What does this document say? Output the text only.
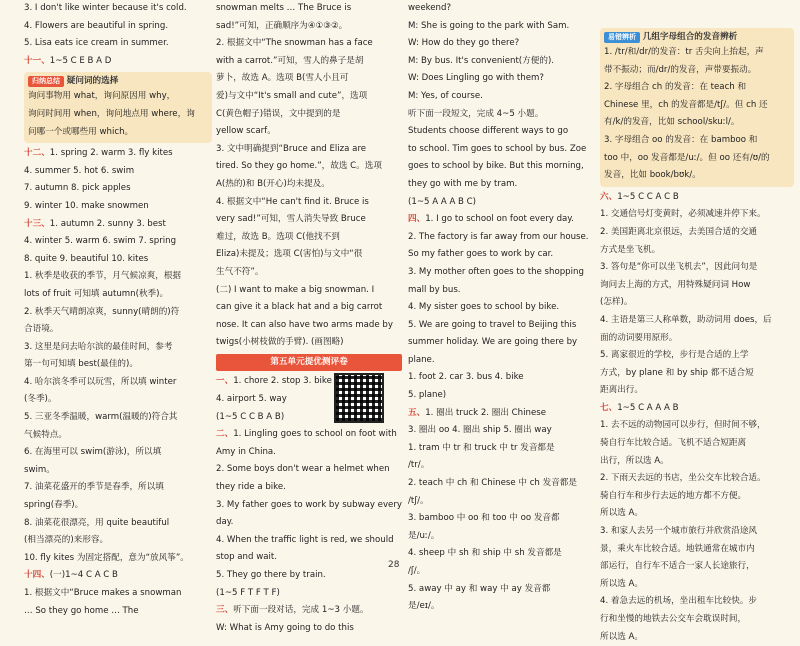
3. I don't like winter because it's cold.

4. Flowers are beautiful in spring.

5. Lisa eats ice cream in summer.

十一、1~5 C E B A D

归纳总结 疑问词的选择

询问事物用 what，询问原因用 why，

询问时间用 when，询问地点用 where，询

问哪一个或哪些用 which。

十二、1. spring 2. warm 3. fly kites

4. summer 5. hot 6. swim

7. autumn 8. pick apples

9. winter 10. make snowmen

十三、1. autumn 2. sunny 3. best

4. winter 5. warm 6. swim 7. spring

8. quite 9. beautiful 10. kites

1. 秋季是收获的季节，月气候凉爽，根据

lots of fruit 可知填 autumn(秋季)。

2. 秋季天气晴朗凉爽，sunny(晴朗的)符

合语境。

3. 这里是问去哈尔滨的最佳时间，参考

第一句可知填 best(最佳的)。

4. 哈尔滨冬季可以玩雪，所以填 winter

(冬季)。

5. 三亚冬季温暖，warm(温暖的)符合其

气候特点。

6. 在海里可以 swim(游泳)，所以填

swim。

7. 油菜花盛开的季节是春季，所以填

spring(春季)。

8. 油菜花很漂亮，用 quite beautiful

(相当漂亮的)来形容。

10. fly kites 为固定搭配，意为“放风筝”。

十四、(一)1~4 C A C B

1. 根据文中“Bruce makes a snowman

… So they go home … The

snowman melts … The Bruce is

sad!”可知，正确顺序为④①③②。

2. 根据文中“The snowman has a face

with a carrot.”可知，雪人的鼻子是胡

萝卜，故选 A。选项 B(雪人小且可

爱)与文中“It's small and cute”，选项

C(黄色帽子)错误，文中提到的是

yellow scarf。

3. 文中明确提到“Bruce and Eliza are

tired. So they go home.”，故选 C。选项

A(热的)和 B(开心)均未提及。

4. 根据文中“He can't find it. Bruce is

very sad!”可知，雪人消失导致 Bruce

难过，故选 B。选项 C(他找不到

Eliza)未提及；选项 C(害怕)与文中“很

生气不符”。

(二) I want to make a big snowman. I

can give it a black hat and a big carrot

nose. It can also have two arms made by

twigs(小树枝做的手臂). (画图略)

第五单元提优测评卷

一、1. chore 2. stop 3. bike

4. airport 5. way

(1~5 C C B A B)

二、1. Lingling goes to school on foot with

Amy in China.

2. Some boys don't wear a helmet when

they ride a bike.

3. My father goes to work by subway every

day.

4. When the traffic light is red, we should

stop and wait.

5. They go there by train.

(1~5 F T F T F)

三、听下面一段对话，完成 1~3 小题。

W: What is Amy going to do this

weekend?

M: She is going to the park with Sam.

W: How do they go there?

M: By bus. It's convenient(方便的).

W: Does Lingling go with them?

M: Yes, of course.

听下面一段短文，完成 4~5 小题。

Students choose different ways to go

to school. Tim goes to school by bus. Zoe

goes to school by bike. But this morning,

they go with me by tram.

(1~5 A A A B C)

四、1. I go to school on foot every day.

2. The factory is far away from our house.

So my father goes to work by car.

3. My mother often goes to the shopping

mall by bus.

4. My sister goes to school by bike.

5. We are going to travel to Beijing this

summer holiday. We are going there by

plane.

1. foot 2. car 3. bus 4. bike

5. plane)

五、1. 圈出 truck 2. 圈出 Chinese

3. 圈出 oo 4. 圈出 ship 5. 圈出 way

1. tram 中 tr 和 truck 中 tr 发音都是

/tr/。

2. teach 中 ch 和 Chinese 中 ch 发音都是

/tʃ/。

3. bamboo 中 oo 和 too 中 oo 发音都

是/uː/。

4. sheep 中 sh 和 ship 中 sh 发音都是

/ʃ/。

5. away 中 ay 和 way 中 ay 发音都

是/eɪ/。

易错辨析 几组字母组合的发音辨析

1. /tr/和/dr/的发音：tr 舌尖向上抬起，声

带不振动；而/dr/的发音，声带要振动。

2. 字母组合 ch 的发音：在 teach 和

Chinese 里，ch 的发音都是/tʃ/。但 ch 还

有/k/的发音，比如 school/skuːl/。

3. 字母组合 oo 的发音：在 bamboo 和

too 中，oo 发音都是/uː/。但 oo 还有/ʊ/的

发音，比如 book/bʊk/。

六、1~5 C C A C B

1. 交通信号灯变黄时，必须减速并停下来。

2. 美国距离北京很远，去美国合适的交通

方式是坐飞机。

3. 答句是“你可以坐飞机去”，因此问句是

询问去上海的方式，用特殊疑问词 How

(怎样)。

4. 主语是第三人称单数，助动词用 does，后

面的动词要用原形。

5. 离家很近的学校，步行是合适的上学

方式，by plane 和 by ship 都不适合短

距离出行。

七、1~5 C A A A B

1. 去不远的动物园可以步行，但时间不够，

骑自行车比较合适。飞机不适合短距离

出行，所以选 A。

2. 下雨天去远的书店，坐公交车比较合适。

骑自行车和步行去远的地方都不方便。

所以选 A。

3. 和家人去另一个城市旅行并欣赏沿途风

景，乘火车比较合适。地铁通常在城市内

部运行，自行车不适合一家人长途旅行，

所以选 A。

4. 着急去远的机场，坐出租车比较快。步

行和坐慢的地铁去公交车会耽误时间，

所以选 A。

28
